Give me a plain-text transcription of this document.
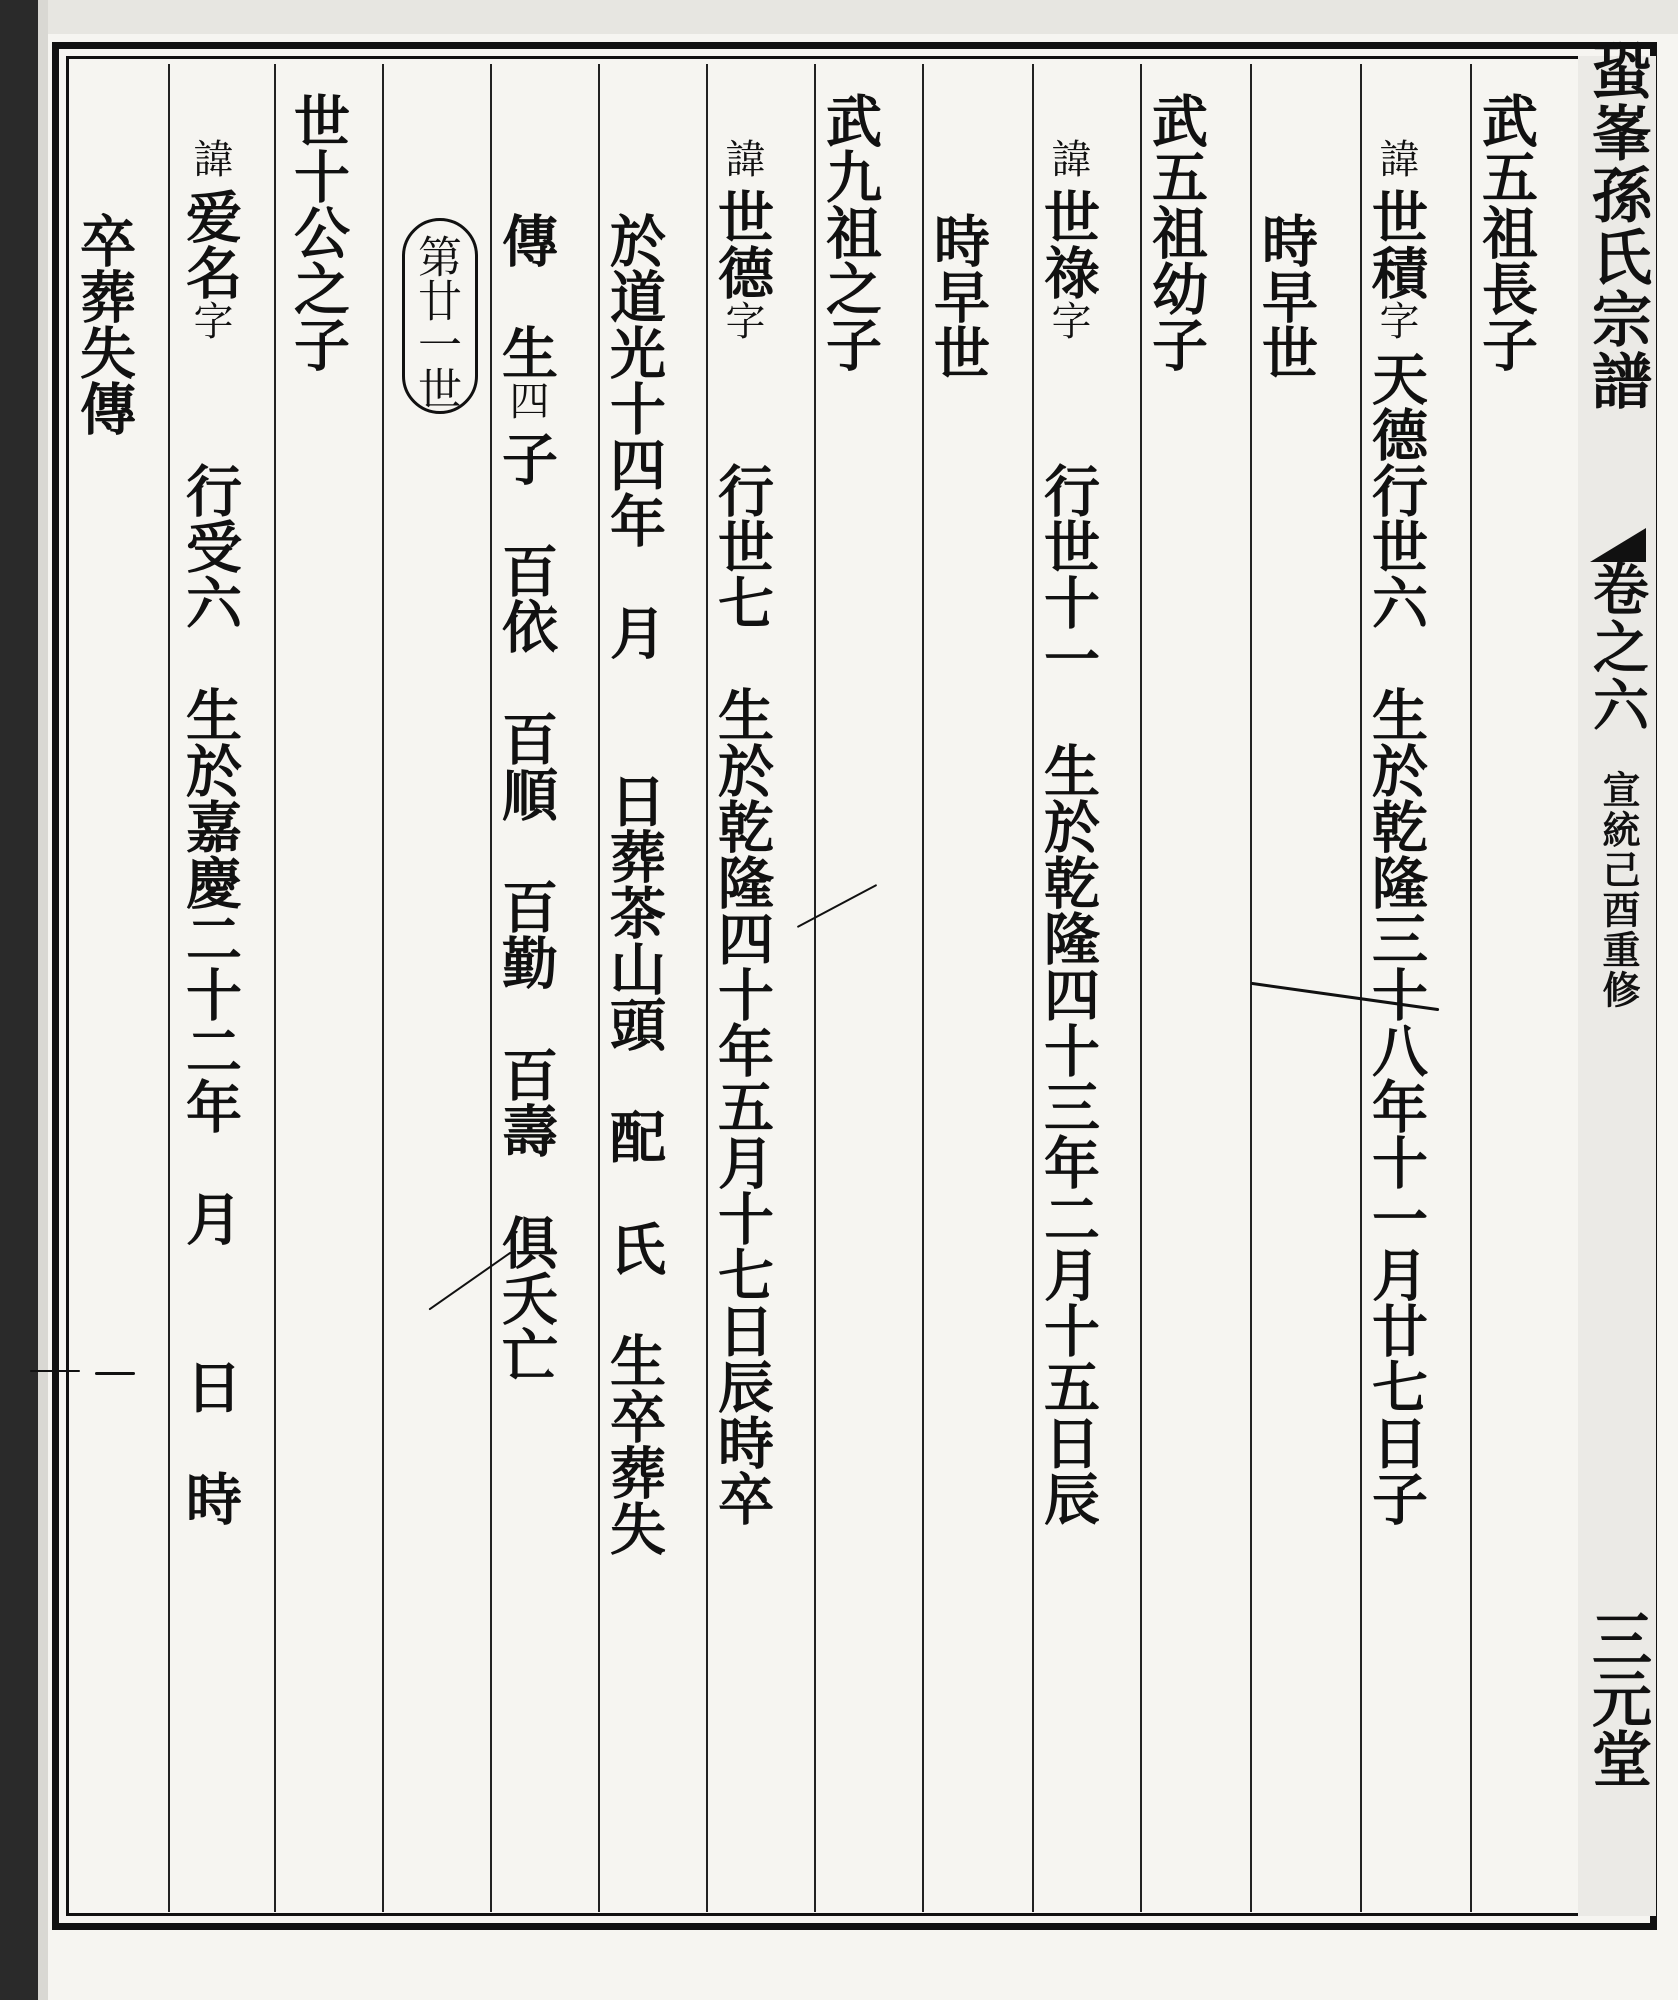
蛩峯孫氏宗譜
卷之六
宣統己酉重修
三元堂
武五祖長子
諱世積字天德行世六　生於乾隆三十八年十一月廿七日子
時早世
武五祖幼子
諱世祿字　　行世十一　生於乾隆四十三年二月十五日辰
時早世
武九祖之子
諱世德字　　行世七　生於乾隆四十年五月十七日辰時卒
於道光十四年　月　　日葬茶山頭　配　氏　生卒葬失
傳　生四子　百依　百順　百勤　百壽　俱夭亡
世十公之子
諱爱名字　　行受六　生於嘉慶二十二年　月　　日　時
卒葬失傳	第廿一世
